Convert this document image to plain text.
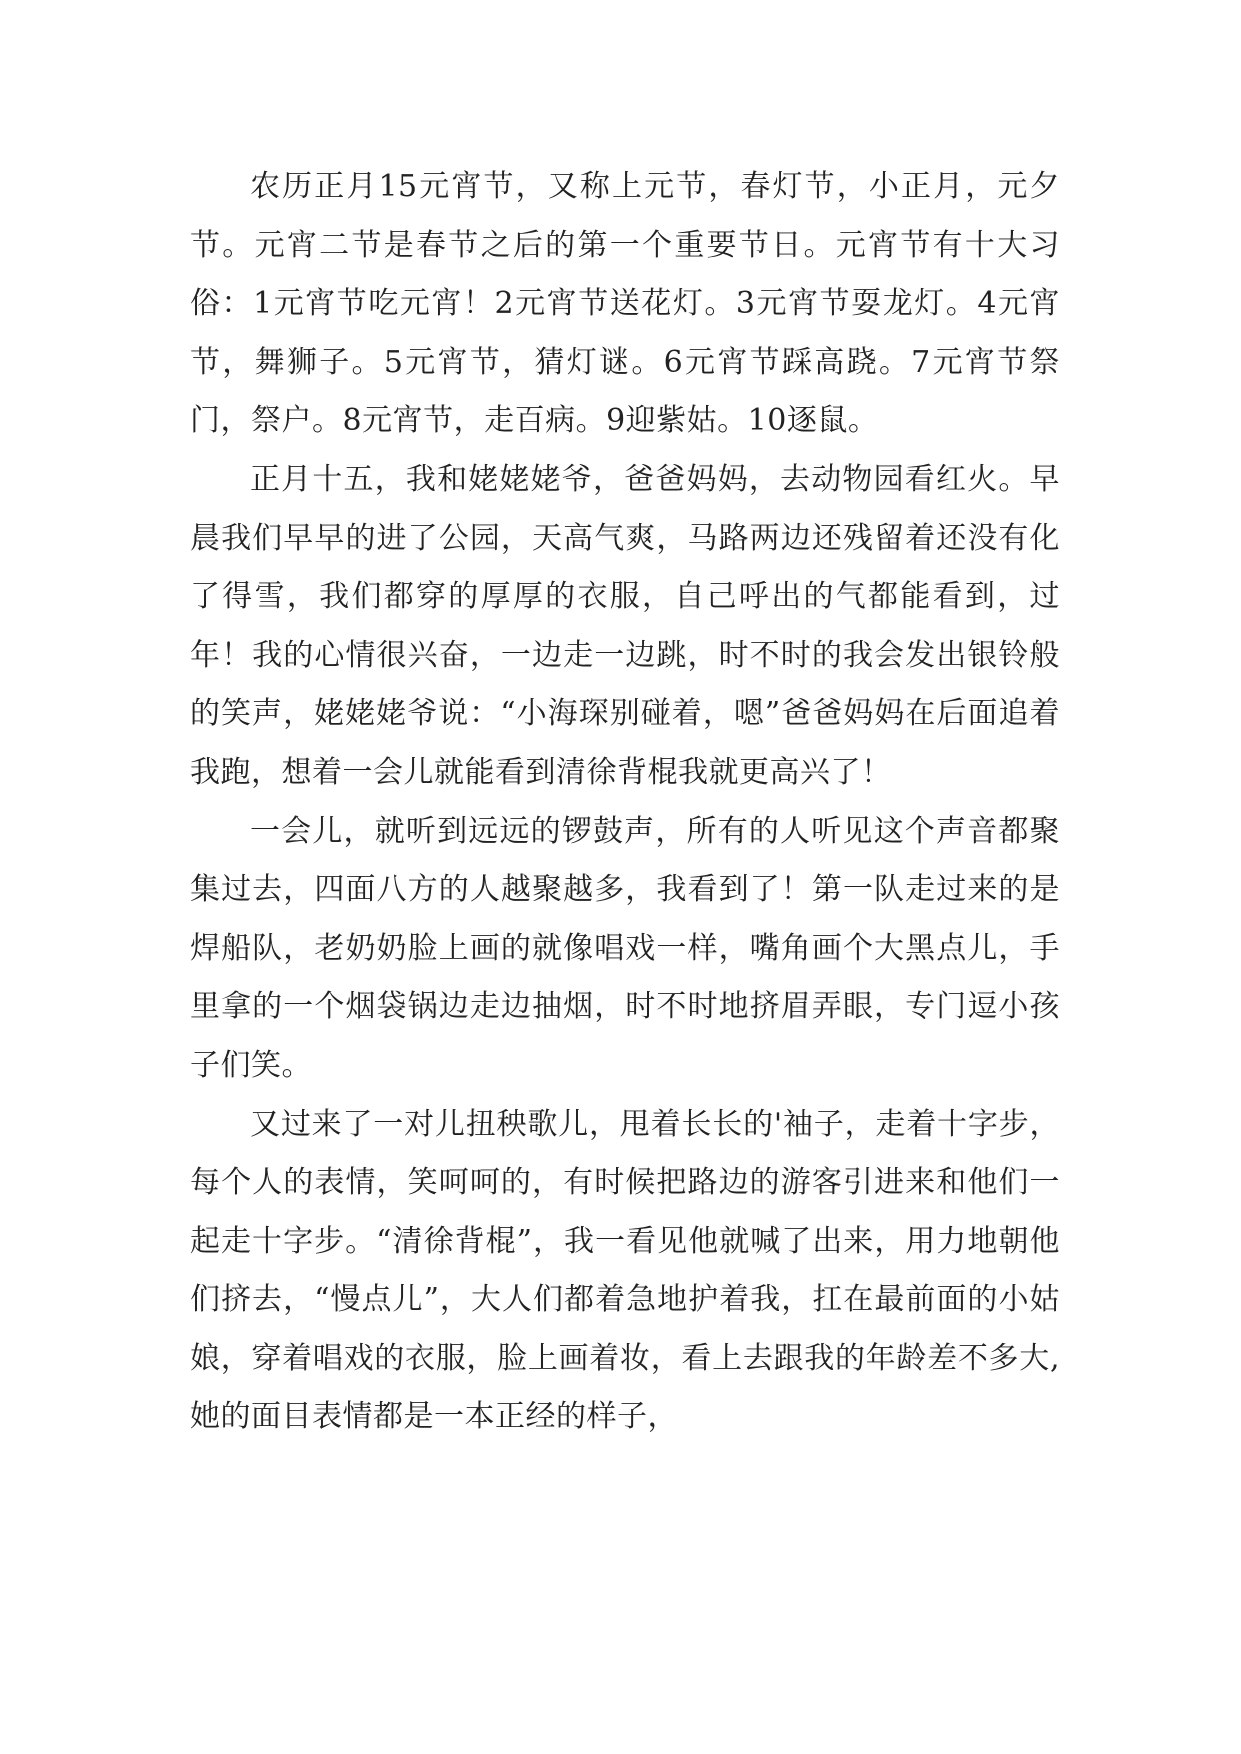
农历正月15元宵节，又称上元节，春灯节，小正月，元夕节。元宵二节是春节之后的第一个重要节日。元宵节有十大习俗：1元宵节吃元宵！2元宵节送花灯。3元宵节耍龙灯。4元宵节，舞狮子。5元宵节，猜灯谜。6元宵节踩高跷。7元宵节祭门，祭户。8元宵节，走百病。9迎紫姑。10逐鼠。

正月十五，我和姥姥姥爷，爸爸妈妈，去动物园看红火。早晨我们早早的进了公园，天高气爽，马路两边还残留着还没有化了得雪，我们都穿的厚厚的衣服，自己呼出的气都能看到，过年！我的心情很兴奋，一边走一边跳，时不时的我会发出银铃般的笑声，姥姥姥爷说：“小海琛别碰着，嗯”爸爸妈妈在后面追着我跑，想着一会儿就能看到清徐背棍我就更高兴了！

一会儿，就听到远远的锣鼓声，所有的人听见这个声音都聚集过去，四面八方的人越聚越多，我看到了！第一队走过来的是焊船队，老奶奶脸上画的就像唱戏一样，嘴角画个大黑点儿，手里拿的一个烟袋锅边走边抽烟，时不时地挤眉弄眼，专门逗小孩子们笑。

又过来了一对儿扭秧歌儿，甩着长长的'袖子，走着十字步，每个人的表情，笑呵呵的，有时候把路边的游客引进来和他们一起走十字步。“清徐背棍”，我一看见他就喊了出来，用力地朝他们挤去，“慢点儿”，大人们都着急地护着我，扛在最前面的小姑娘，穿着唱戏的衣服，脸上画着妆，看上去跟我的年龄差不多大,她的面目表情都是一本正经的样子，
